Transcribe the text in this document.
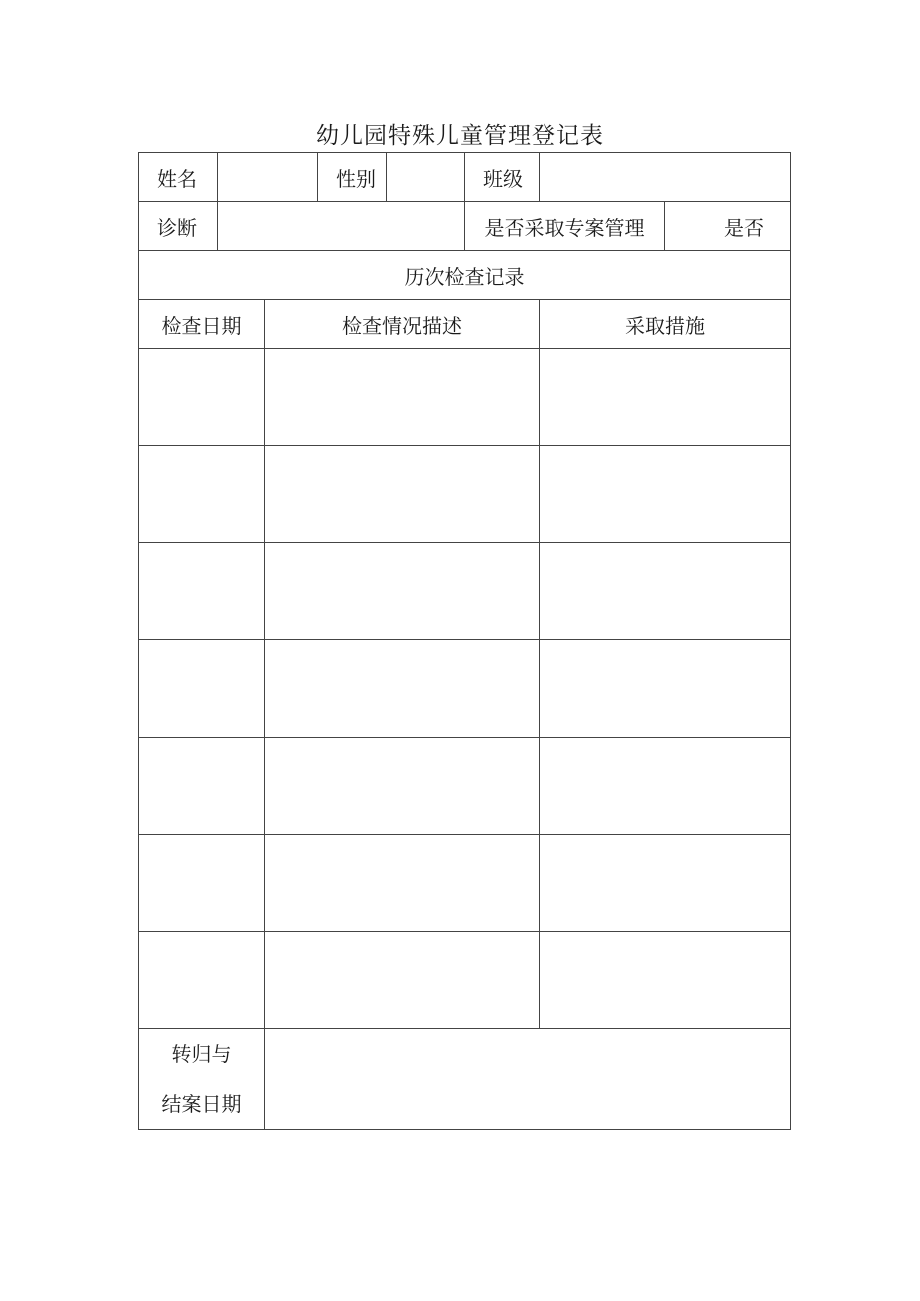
幼儿园特殊儿童管理登记表
姓名			性别		班级		
诊断					是否采取专案管理		是否
历次检查记录							
检查日期		检查情况描述				采取措施	

转归与
结案日期							
